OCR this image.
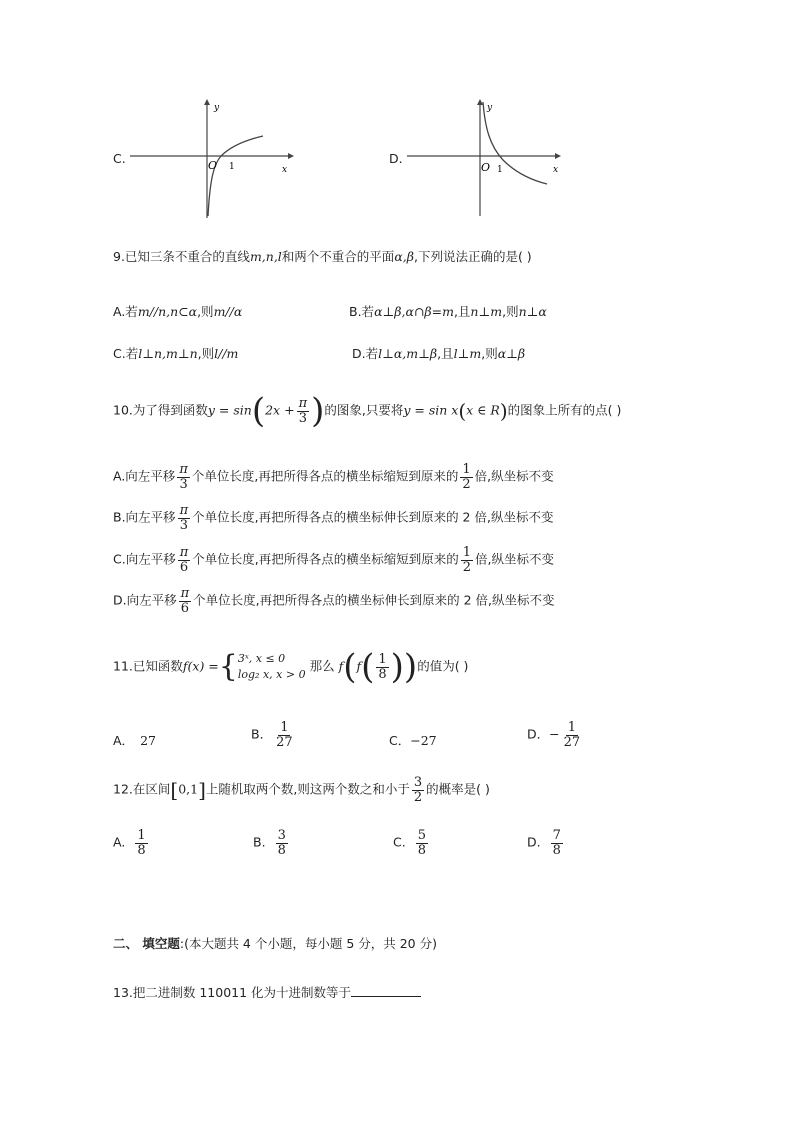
C.
y
x
O 1
D.
y
x
O 1
9.已知三条不重合的直线m,n,l和两个不重合的平面α,β,下列说法正确的是( )
A.若m//n,n⊂α,则m//α	B.若α⊥β,α∩β=m,且n⊥m,则n⊥α
C.若l⊥n,m⊥n,则l//m	D.若l⊥α,m⊥β,且l⊥m,则α⊥β
10.为了得到函数$y = \sin(2x + \frac{\pi}{3}$ )的图象,只要将y = sin x(x ∈ R)的图象上所有的点( )
A.向左平移 $\frac{\pi}{3}$ 个单位长度,再把所得各点的横坐标缩短到原来的 $\frac{1}{2}$ 倍,纵坐标不变
B.向左平移 $\frac{\pi}{3}$ 个单位长度,再把所得各点的横坐标伸长到原来的 2 倍,纵坐标不变
C.向左平移 $\frac{\pi}{6}$ 个单位长度,再把所得各点的横坐标缩短到原来的 $\frac{1}{2}$ 倍,纵坐标不变
D.向左平移 $\frac{\pi}{6}$ 个单位长度,再把所得各点的横坐标伸长到原来的 2 倍,纵坐标不变
11.已知函数f(x) ={ 3ˣ, x ≤ 0
log₂ x, x > 0
那么 $f(f( \frac{1}{8}$ ))的值为( )
A． 27	B． $\frac{1}{27}$	C．−27	D．− $\frac{1}{27}$
12.在区间[0,1]上随机取两个数,则这两个数之和小于 $\frac{3}{2}$ 的概率是( )
A. $\frac{1}{8}$	B. $\frac{3}{8}$	C. $\frac{5}{8}$	D. $\frac{7}{8}$
二、 填空题:(本大题共 4 个小题，每小题 5 分，共 20 分)
13.把二进制数 110011 化为十进制数等于
